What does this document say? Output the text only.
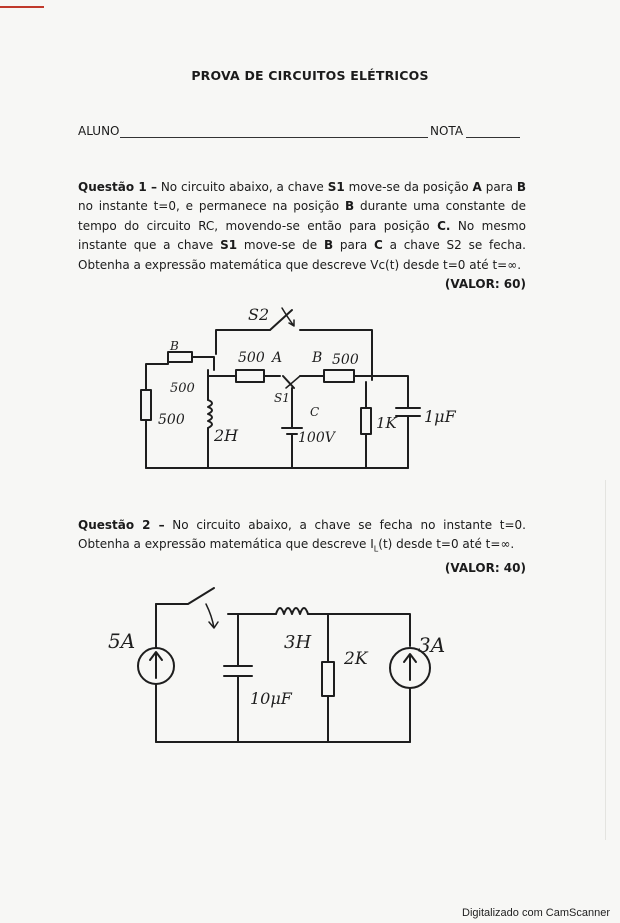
PROVA DE CIRCUITOS ELÉTRICOS
ALUNO	NOTA
Questão 1 – No circuito abaixo, a chave S1 move-se da posição A para B no instante t=0, e permanece na posição B durante uma constante de tempo do circuito RC, movendo-se então para posição C. No mesmo instante que a chave S1 move-se de B para C a chave S2 se fecha. Obtenha a expressão matemática que descreve Vc(t) desde t=0 até t=∞.
(VALOR: 60)
S2
B
500
500
2H
500 A
S1
B 500
C
100V
1K 1μF
Questão 2 – No circuito abaixo, a chave se fecha no instante t=0. Obtenha a expressão matemática que descreve $I_L(t)$ desde t=0 até t=∞.
(VALOR: 40)
5A	3H
10μF
2K
3A
Digitalizado com CamScanner
